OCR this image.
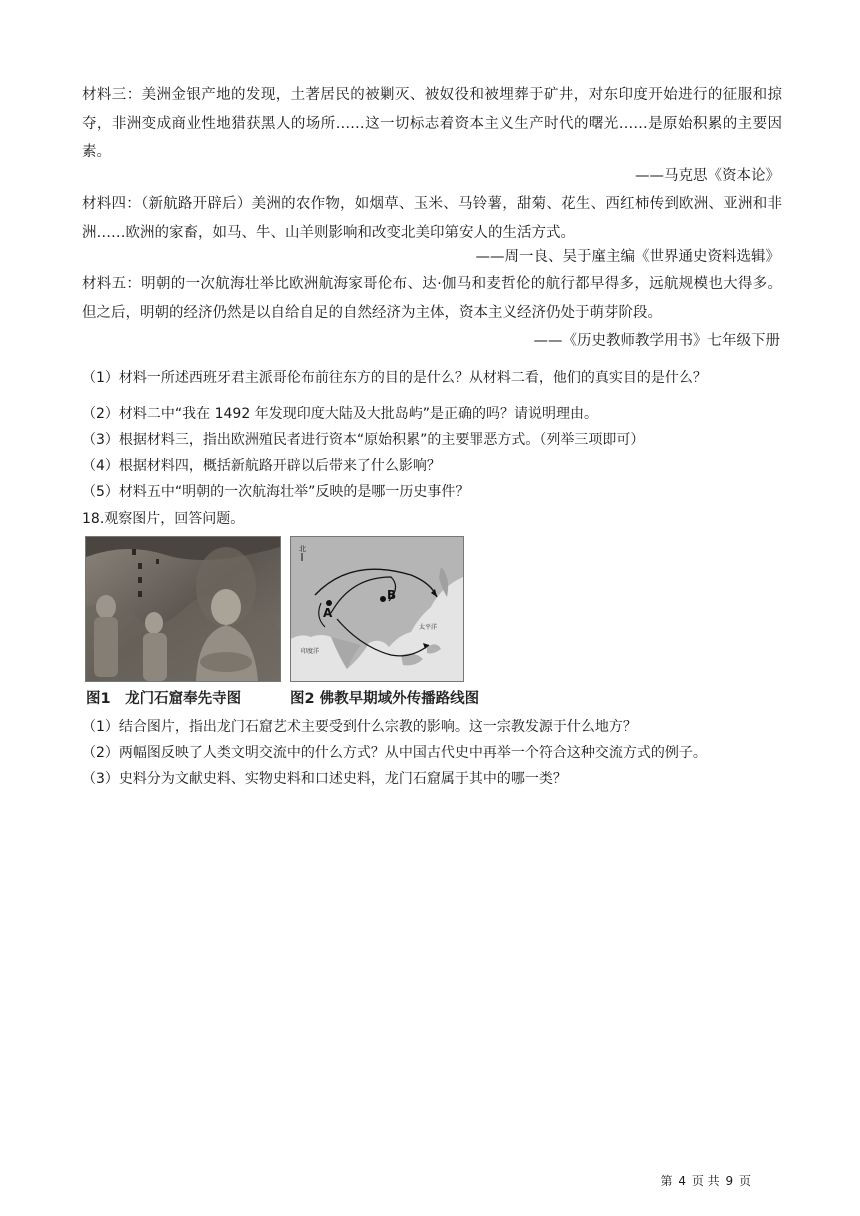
材料三：美洲金银产地的发现，土著居民的被剿灭、被奴役和被埋葬于矿井，对东印度开始进行的征服和掠夺，非洲变成商业性地猎获黑人的场所……这一切标志着资本主义生产时代的曙光……是原始积累的主要因素。

——马克思《资本论》

材料四：（新航路开辟后）美洲的农作物，如烟草、玉米、马铃薯，甜菊、花生、西红柿传到欧洲、亚洲和非洲……欧洲的家畜，如马、牛、山羊则影响和改变北美印第安人的生活方式。

——周一良、吴于廑主编《世界通史资料选辑》

材料五：明朝的一次航海壮举比欧洲航海家哥伦布、达·伽马和麦哲伦的航行都早得多，远航规模也大得多。但之后，明朝的经济仍然是以自给自足的自然经济为主体，资本主义经济仍处于萌芽阶段。

——《历史教师教学用书》七年级下册
（1）材料一所述西班牙君主派哥伦布前往东方的目的是什么？从材料二看，他们的真实目的是什么？
（2）材料二中“我在 1492 年发现印度大陆及大批岛屿”是正确的吗？请说明理由。
（3）根据材料三，指出欧洲殖民者进行资本“原始积累”的主要罪恶方式。（列举三项即可）
（4）根据材料四，概括新航路开辟以后带来了什么影响？
（5）材料五中“明朝的一次航海壮举”反映的是哪一历史事件？
18.观察图片，回答问题。
A
B
太平洋
印度洋
北
图1　龙门石窟奉先寺图	图2 佛教早期域外传播路线图
（1）结合图片，指出龙门石窟艺术主要受到什么宗教的影响。这一宗教发源于什么地方？
（2）两幅图反映了人类文明交流中的什么方式？从中国古代史中再举一个符合这种交流方式的例子。
（3）史料分为文献史料、实物史料和口述史料，龙门石窟属于其中的哪一类？
第 4 页 共 9 页
